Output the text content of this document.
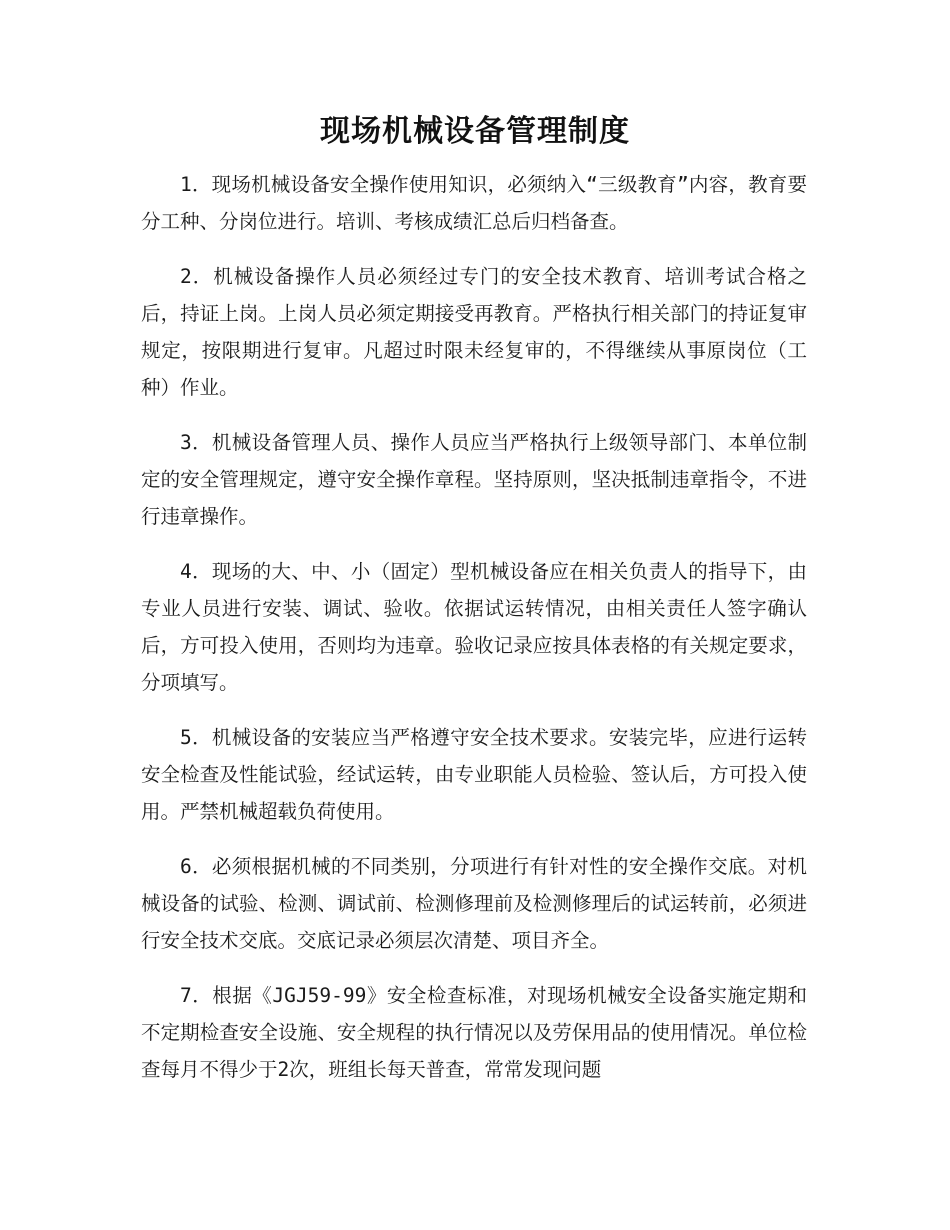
现场机械设备管理制度

1．现场机械设备安全操作使用知识，必须纳入“三级教育”内容，教育要分工种、分岗位进行。培训、考核成绩汇总后归档备查。

2．机械设备操作人员必须经过专门的安全技术教育、培训考试合格之后，持证上岗。上岗人员必须定期接受再教育。严格执行相关部门的持证复审规定，按限期进行复审。凡超过时限未经复审的，不得继续从事原岗位（工种）作业。

3．机械设备管理人员、操作人员应当严格执行上级领导部门、本单位制定的安全管理规定，遵守安全操作章程。坚持原则，坚决抵制违章指令，不进行违章操作。

4．现场的大、中、小（固定）型机械设备应在相关负责人的指导下，由专业人员进行安装、调试、验收。依据试运转情况，由相关责任人签字确认后，方可投入使用，否则均为违章。验收记录应按具体表格的有关规定要求，分项填写。

5．机械设备的安装应当严格遵守安全技术要求。安装完毕，应进行运转安全检查及性能试验，经试运转，由专业职能人员检验、签认后，方可投入使用。严禁机械超载负荷使用。

6．必须根据机械的不同类别，分项进行有针对性的安全操作交底。对机械设备的试验、检测、调试前、检测修理前及检测修理后的试运转前，必须进行安全技术交底。交底记录必须层次清楚、项目齐全。

7．根据《JGJ59-99》安全检查标准，对现场机械安全设备实施定期和不定期检查安全设施、安全规程的执行情况以及劳保用品的使用情况。单位检查每月不得少于2次，班组长每天普查，常常发现问题
